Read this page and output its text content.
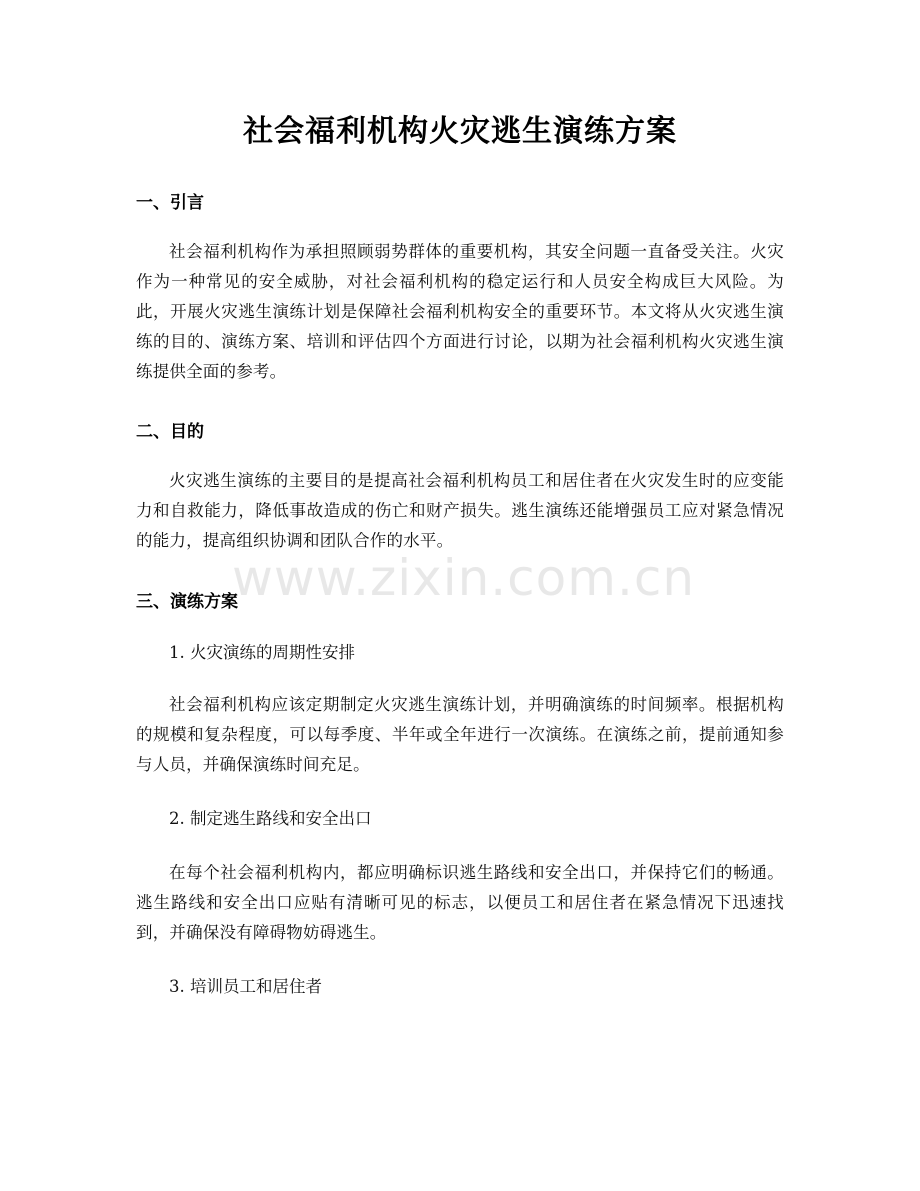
社会福利机构火灾逃生演练方案
一、引言

社会福利机构作为承担照顾弱势群体的重要机构，其安全问题一直备受关注。火灾作为一种常见的安全威胁，对社会福利机构的稳定运行和人员安全构成巨大风险。为此，开展火灾逃生演练计划是保障社会福利机构安全的重要环节。本文将从火灾逃生演练的目的、演练方案、培训和评估四个方面进行讨论，以期为社会福利机构火灾逃生演练提供全面的参考。

二、目的

火灾逃生演练的主要目的是提高社会福利机构员工和居住者在火灾发生时的应变能力和自救能力，降低事故造成的伤亡和财产损失。逃生演练还能增强员工应对紧急情况的能力，提高组织协调和团队合作的水平。

三、演练方案

1. 火灾演练的周期性安排

社会福利机构应该定期制定火灾逃生演练计划，并明确演练的时间频率。根据机构的规模和复杂程度，可以每季度、半年或全年进行一次演练。在演练之前，提前通知参与人员，并确保演练时间充足。

2. 制定逃生路线和安全出口

在每个社会福利机构内，都应明确标识逃生路线和安全出口，并保持它们的畅通。逃生路线和安全出口应贴有清晰可见的标志，以便员工和居住者在紧急情况下迅速找到，并确保没有障碍物妨碍逃生。

3. 培训员工和居住者

www.zixin.com.cn
